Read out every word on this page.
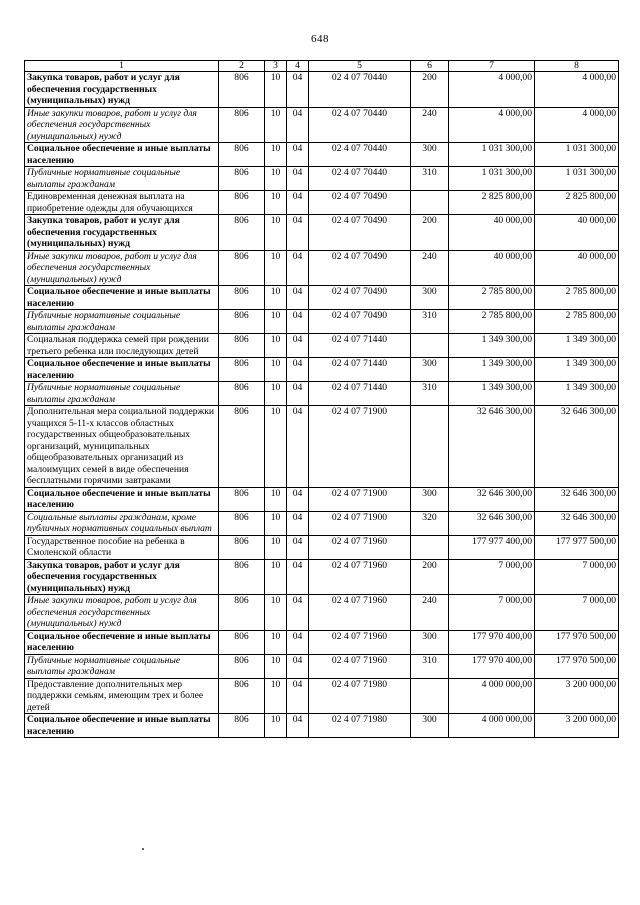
648
1	2	3	4	5	6	7	8
Закупка товаров, работ и услуг для обеспечения государственных (муниципальных) нужд	806	10	04	02 4 07 70440	200	4 000,00	4 000,00
Иные закупки товаров, работ и услуг для обеспечения государственных (муниципальных) нужд	806	10	04	02 4 07 70440	240	4 000,00	4 000,00
Социальное обеспечение и иные выплаты населению	806	10	04	02 4 07 70440	300	1 031 300,00	1 031 300,00
Публичные нормативные социальные выплаты гражданам	806	10	04	02 4 07 70440	310	1 031 300,00	1 031 300,00
Единовременная денежная выплата на приобретение одежды для обучающихся	806	10	04	02 4 07 70490		2 825 800,00	2 825 800,00
Закупка товаров, работ и услуг для обеспечения государственных (муниципальных) нужд	806	10	04	02 4 07 70490	200	40 000,00	40 000,00
Иные закупки товаров, работ и услуг для обеспечения государственных (муниципальных) нужд	806	10	04	02 4 07 70490	240	40 000,00	40 000,00
Социальное обеспечение и иные выплаты населению	806	10	04	02 4 07 70490	300	2 785 800,00	2 785 800,00
Публичные нормативные социальные выплаты гражданам	806	10	04	02 4 07 70490	310	2 785 800,00	2 785 800,00
Социальная поддержка семей при рождении третьего ребенка или последующих детей	806	10	04	02 4 07 71440		1 349 300,00	1 349 300,00
Социальное обеспечение и иные выплаты населению	806	10	04	02 4 07 71440	300	1 349 300,00	1 349 300,00
Публичные нормативные социальные выплаты гражданам	806	10	04	02 4 07 71440	310	1 349 300,00	1 349 300,00
Дополнительная мера социальной поддержки учащихся 5-11-х классов областных государственных общеобразовательных организаций, муниципальных общеобразовательных организаций из малоимущих семей в виде обеспечения бесплатными горячими завтраками	806	10	04	02 4 07 71900		32 646 300,00	32 646 300,00
Социальное обеспечение и иные выплаты населению	806	10	04	02 4 07 71900	300	32 646 300,00	32 646 300,00
Социальные выплаты гражданам, кроме публичных нормативных социальных выплат	806	10	04	02 4 07 71900	320	32 646 300,00	32 646 300,00
Государственное пособие на ребенка в Смоленской области	806	10	04	02 4 07 71960		177 977 400,00	177 977 500,00
Закупка товаров, работ и услуг для обеспечения государственных (муниципальных) нужд	806	10	04	02 4 07 71960	200	7 000,00	7 000,00
Иные закупки товаров, работ и услуг для обеспечения государственных (муниципальных) нужд	806	10	04	02 4 07 71960	240	7 000,00	7 000,00
Социальное обеспечение и иные выплаты населению	806	10	04	02 4 07 71960	300	177 970 400,00	177 970 500,00
Публичные нормативные социальные выплаты гражданам	806	10	04	02 4 07 71960	310	177 970 400,00	177 970 500,00
Предоставление дополнительных мер поддержки семьям, имеющим трех и более детей	806	10	04	02 4 07 71980		4 000 000,00	3 200 000,00
Социальное обеспечение и иные выплаты населению	806	10	04	02 4 07 71980	300	4 000 000,00	3 200 000,00
